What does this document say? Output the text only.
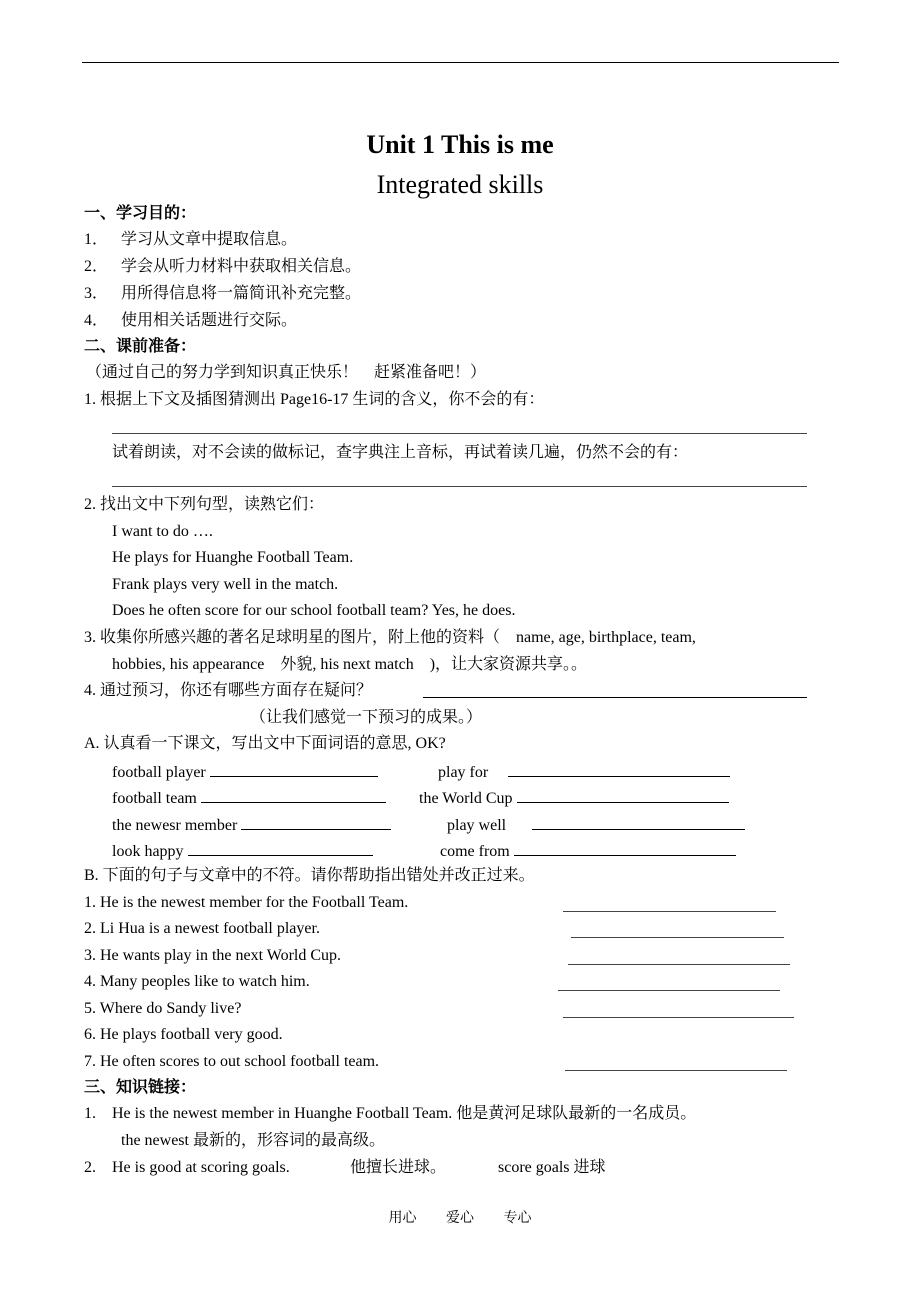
Unit 1 This is me
Integrated skills
一、学习目的：
1． 学习从文章中提取信息。
2． 学会从听力材料中获取相关信息。
3． 用所得信息将一篇简讯补充完整。
4． 使用相关话题进行交际。
二、课前准备：
（通过自己的努力学到知识真正快乐！　赶紧准备吧！）
1. 根据上下文及插图猜测出 Page16-17 生词的含义，你不会的有：
试着朗读，对不会读的做标记，查字典注上音标，再试着读几遍，仍然不会的有：
2. 找出文中下列句型，读熟它们：
I want to do ….
He plays for Huanghe Football Team.
Frank plays very well in the match.
Does he often score for our school football team? Yes, he does.
3. 收集你所感兴趣的著名足球明星的图片，附上他的资料（　name, age, birthplace, team,
hobbies, his appearance　外貌, his next match　)，让大家资源共享。。
4. 通过预习，你还有哪些方面存在疑问？
（让我们感觉一下预习的成果。）
A. 认真看一下课文，写出文中下面词语的意思, OK?
football player	play for
football team	the World Cup
the newesr member	play well
look happy	come from
B. 下面的句子与文章中的不符。请你帮助指出错处并改正过来。
1. He is the newest member for the Football Team.
2. Li Hua is a newest football player.
3. He wants play in the next World Cup.
4. Many peoples like to watch him.
5. Where do Sandy live?
6. He plays football very good.
7. He often scores to out school football team.
三、知识链接：
1.　He is the newest member in Huanghe Football Team. 他是黄河足球队最新的一名成员。
the newest 最新的，形容词的最高级。
2.　He is good at scoring goals.	他擅长进球。	score goals 进球
用心 爱心 专心
